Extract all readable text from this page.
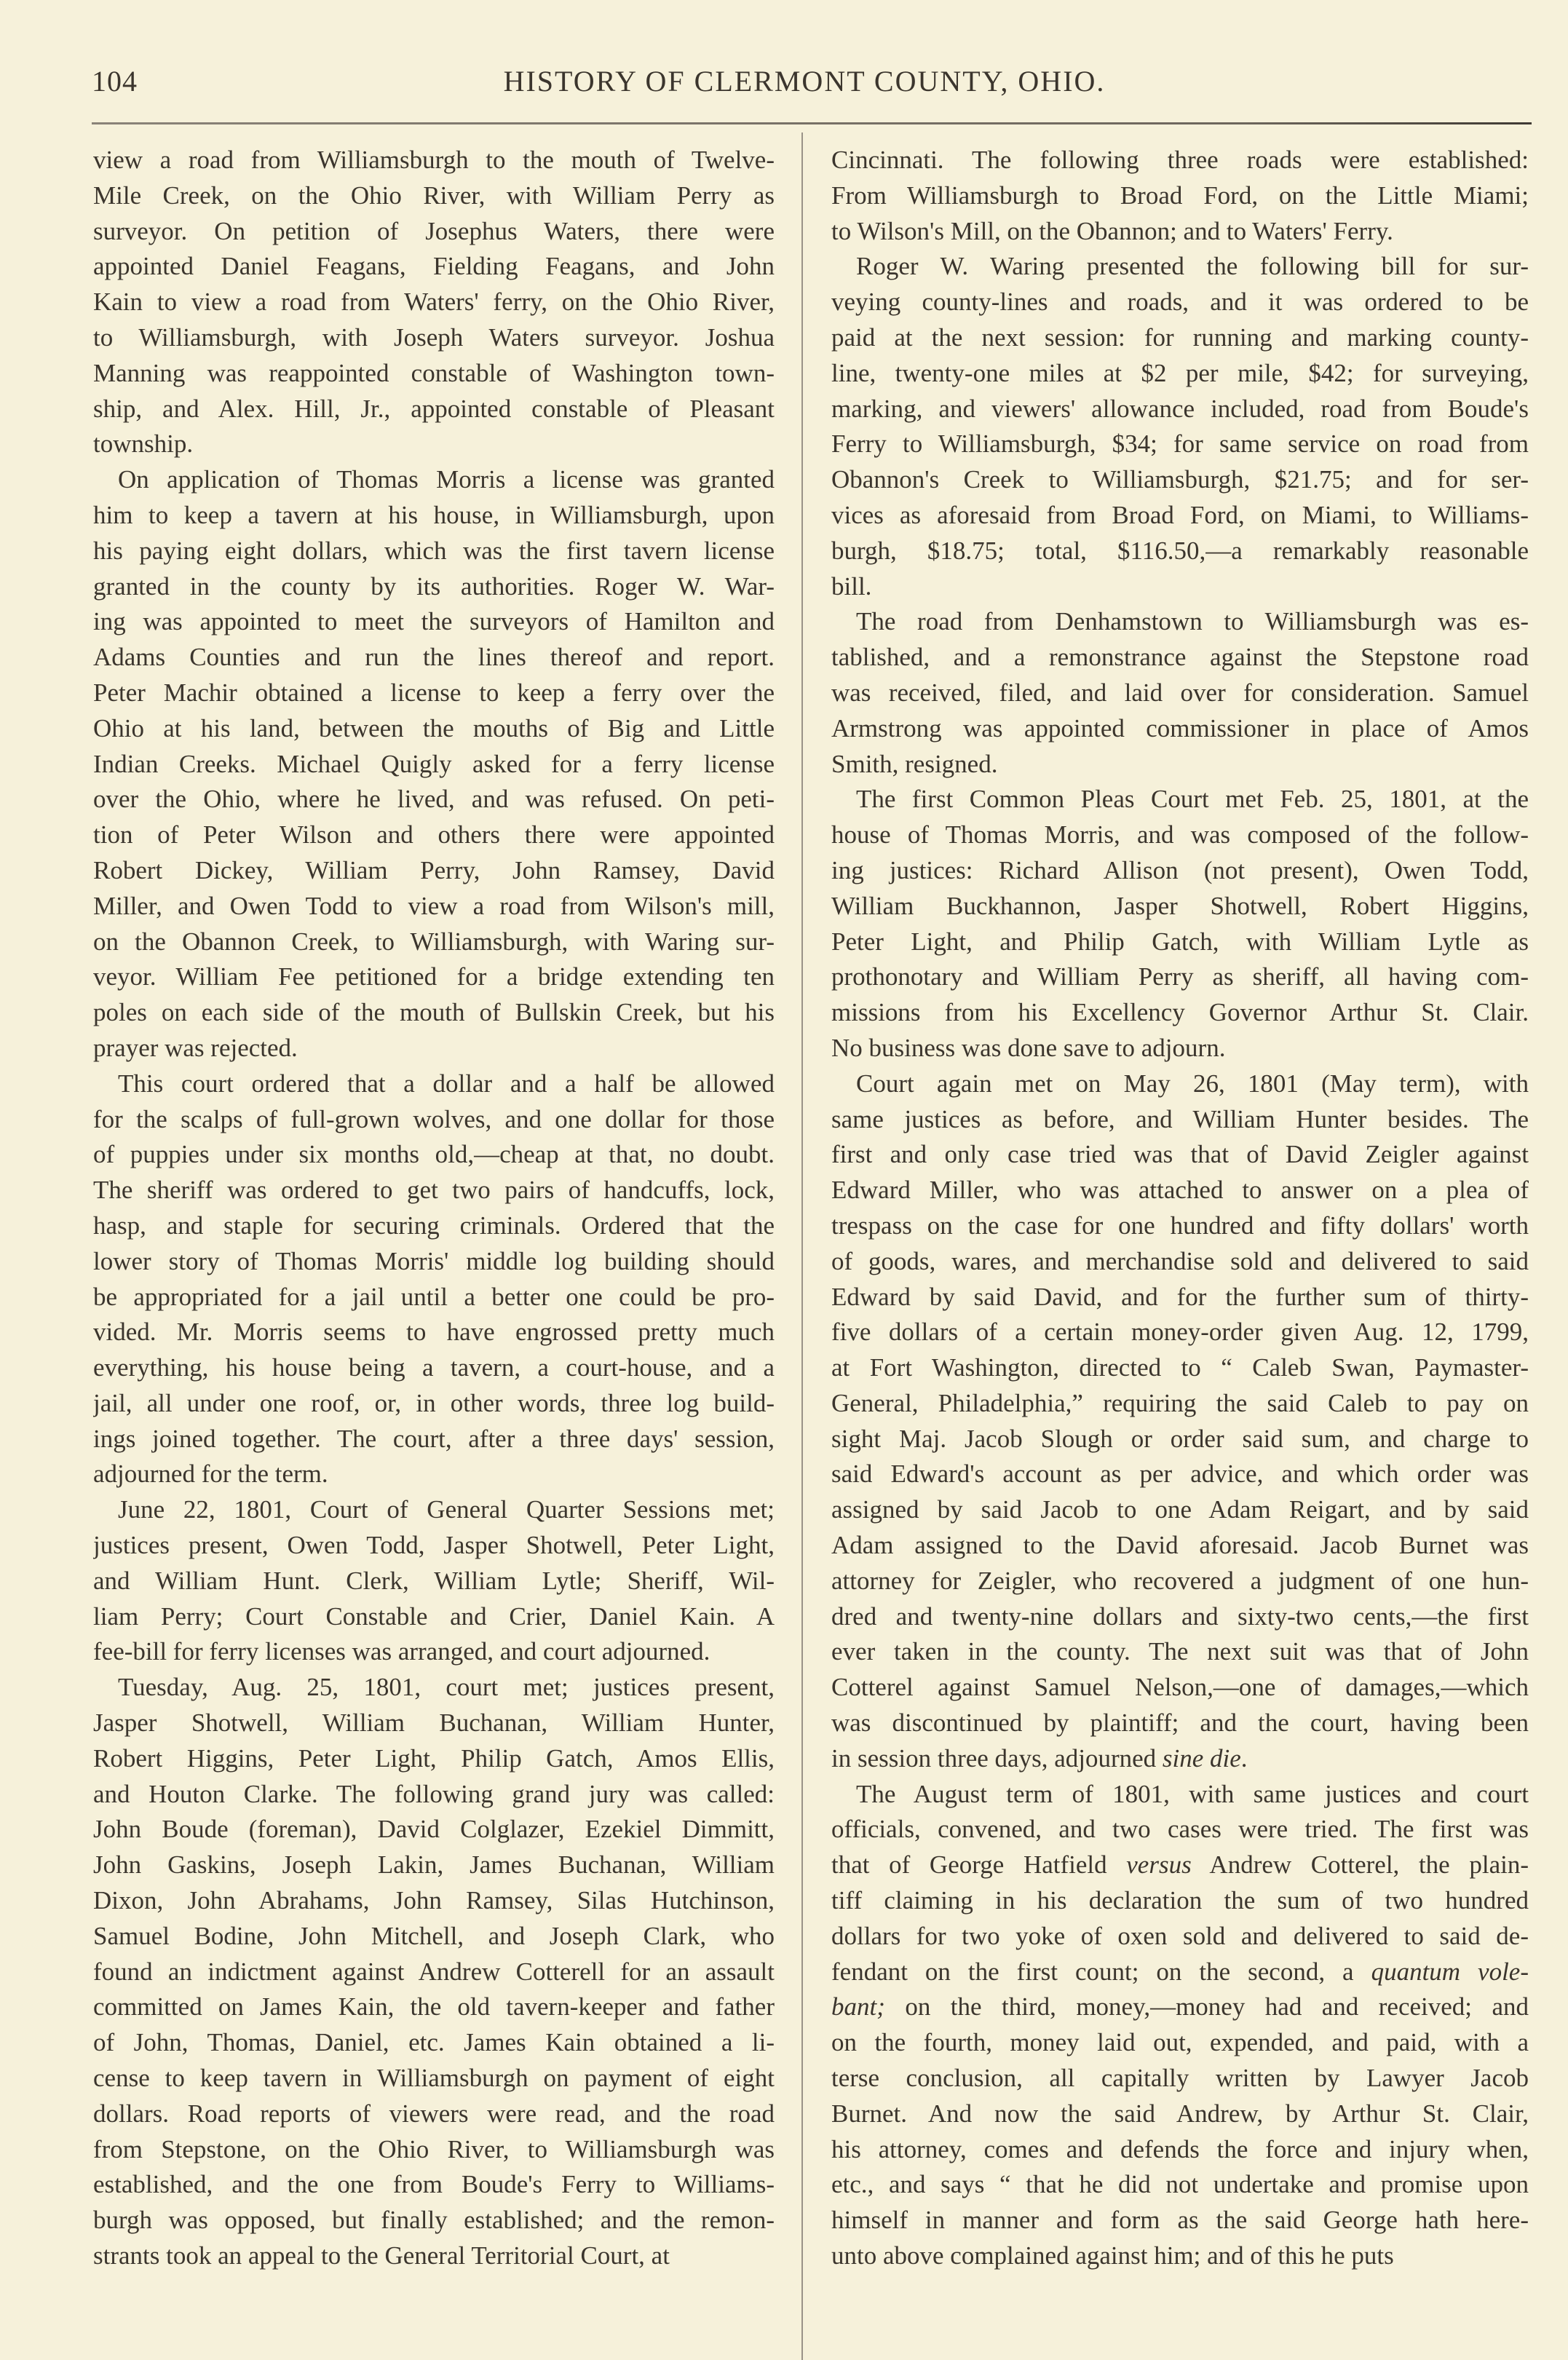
104	HISTORY OF CLERMONT COUNTY, OHIO.
view a road from Williamsburgh to the mouth of Twelve-
Mile Creek, on the Ohio River, with William Perry as
surveyor. On petition of Josephus Waters, there were
appointed Daniel Feagans, Fielding Feagans, and John
Kain to view a road from Waters' ferry, on the Ohio River,
to Williamsburgh, with Joseph Waters surveyor. Joshua
Manning was reappointed constable of Washington town-
ship, and Alex. Hill, Jr., appointed constable of Pleasant
township.
On application of Thomas Morris a license was granted
him to keep a tavern at his house, in Williamsburgh, upon
his paying eight dollars, which was the first tavern license
granted in the county by its authorities. Roger W. War-
ing was appointed to meet the surveyors of Hamilton and
Adams Counties and run the lines thereof and report.
Peter Machir obtained a license to keep a ferry over the
Ohio at his land, between the mouths of Big and Little
Indian Creeks. Michael Quigly asked for a ferry license
over the Ohio, where he lived, and was refused. On peti-
tion of Peter Wilson and others there were appointed
Robert Dickey, William Perry, John Ramsey, David
Miller, and Owen Todd to view a road from Wilson's mill,
on the Obannon Creek, to Williamsburgh, with Waring sur-
veyor. William Fee petitioned for a bridge extending ten
poles on each side of the mouth of Bullskin Creek, but his
prayer was rejected.
This court ordered that a dollar and a half be allowed
for the scalps of full-grown wolves, and one dollar for those
of puppies under six months old,—cheap at that, no doubt.
The sheriff was ordered to get two pairs of handcuffs, lock,
hasp, and staple for securing criminals. Ordered that the
lower story of Thomas Morris' middle log building should
be appropriated for a jail until a better one could be pro-
vided. Mr. Morris seems to have engrossed pretty much
everything, his house being a tavern, a court-house, and a
jail, all under one roof, or, in other words, three log build-
ings joined together. The court, after a three days' session,
adjourned for the term.
June 22, 1801, Court of General Quarter Sessions met;
justices present, Owen Todd, Jasper Shotwell, Peter Light,
and William Hunt. Clerk, William Lytle; Sheriff, Wil-
liam Perry; Court Constable and Crier, Daniel Kain. A
fee-bill for ferry licenses was arranged, and court adjourned.
Tuesday, Aug. 25, 1801, court met; justices present,
Jasper Shotwell, William Buchanan, William Hunter,
Robert Higgins, Peter Light, Philip Gatch, Amos Ellis,
and Houton Clarke. The following grand jury was called:
John Boude (foreman), David Colglazer, Ezekiel Dimmitt,
John Gaskins, Joseph Lakin, James Buchanan, William
Dixon, John Abrahams, John Ramsey, Silas Hutchinson,
Samuel Bodine, John Mitchell, and Joseph Clark, who
found an indictment against Andrew Cotterell for an assault
committed on James Kain, the old tavern-keeper and father
of John, Thomas, Daniel, etc. James Kain obtained a li-
cense to keep tavern in Williamsburgh on payment of eight
dollars. Road reports of viewers were read, and the road
from Stepstone, on the Ohio River, to Williamsburgh was
established, and the one from Boude's Ferry to Williams-
burgh was opposed, but finally established; and the remon-
strants took an appeal to the General Territorial Court, at
Cincinnati. The following three roads were established:
From Williamsburgh to Broad Ford, on the Little Miami;
to Wilson's Mill, on the Obannon; and to Waters' Ferry.
Roger W. Waring presented the following bill for sur-
veying county-lines and roads, and it was ordered to be
paid at the next session: for running and marking county-
line, twenty-one miles at $2 per mile, $42; for surveying,
marking, and viewers' allowance included, road from Boude's
Ferry to Williamsburgh, $34; for same service on road from
Obannon's Creek to Williamsburgh, $21.75; and for ser-
vices as aforesaid from Broad Ford, on Miami, to Williams-
burgh, $18.75; total, $116.50,—a remarkably reasonable
bill.
The road from Denhamstown to Williamsburgh was es-
tablished, and a remonstrance against the Stepstone road
was received, filed, and laid over for consideration. Samuel
Armstrong was appointed commissioner in place of Amos
Smith, resigned.
The first Common Pleas Court met Feb. 25, 1801, at the
house of Thomas Morris, and was composed of the follow-
ing justices: Richard Allison (not present), Owen Todd,
William Buckhannon, Jasper Shotwell, Robert Higgins,
Peter Light, and Philip Gatch, with William Lytle as
prothonotary and William Perry as sheriff, all having com-
missions from his Excellency Governor Arthur St. Clair.
No business was done save to adjourn.
Court again met on May 26, 1801 (May term), with
same justices as before, and William Hunter besides. The
first and only case tried was that of David Zeigler against
Edward Miller, who was attached to answer on a plea of
trespass on the case for one hundred and fifty dollars' worth
of goods, wares, and merchandise sold and delivered to said
Edward by said David, and for the further sum of thirty-
five dollars of a certain money-order given Aug. 12, 1799,
at Fort Washington, directed to “ Caleb Swan, Paymaster-
General, Philadelphia,” requiring the said Caleb to pay on
sight Maj. Jacob Slough or order said sum, and charge to
said Edward's account as per advice, and which order was
assigned by said Jacob to one Adam Reigart, and by said
Adam assigned to the David aforesaid. Jacob Burnet was
attorney for Zeigler, who recovered a judgment of one hun-
dred and twenty-nine dollars and sixty-two cents,—the first
ever taken in the county. The next suit was that of John
Cotterel against Samuel Nelson,—one of damages,—which
was discontinued by plaintiff; and the court, having been
in session three days, adjourned sine die.
The August term of 1801, with same justices and court
officials, convened, and two cases were tried. The first was
that of George Hatfield versus Andrew Cotterel, the plain-
tiff claiming in his declaration the sum of two hundred
dollars for two yoke of oxen sold and delivered to said de-
fendant on the first count; on the second, a quantum vole-
bant; on the third, money,—money had and received; and
on the fourth, money laid out, expended, and paid, with a
terse conclusion, all capitally written by Lawyer Jacob
Burnet. And now the said Andrew, by Arthur St. Clair,
his attorney, comes and defends the force and injury when,
etc., and says “ that he did not undertake and promise upon
himself in manner and form as the said George hath here-
unto above complained against him; and of this he puts
